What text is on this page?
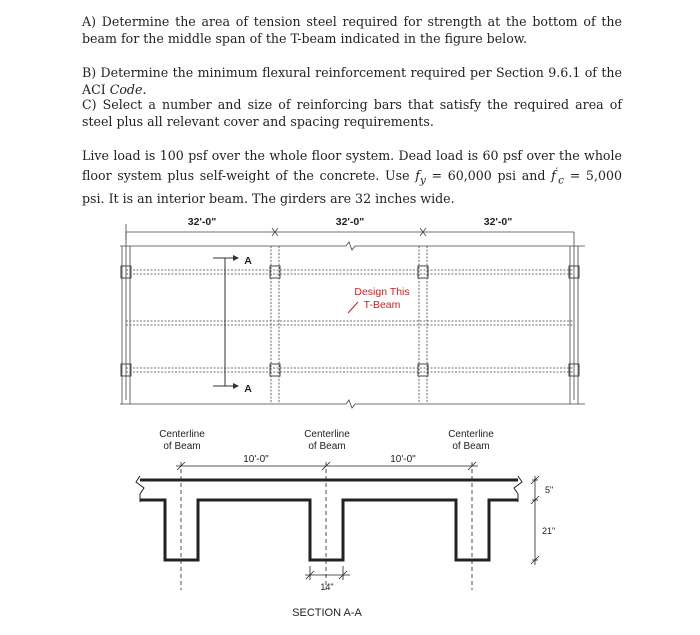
A) Determine the area of tension steel required for strength at the bottom of the beam for the middle span of the T-beam indicated in the figure below.

B) Determine the minimum flexural reinforcement required per Section 9.6.1 of the ACI Code.

C) Select a number and size of reinforcing bars that satisfy the required area of steel plus all relevant cover and spacing requirements.

Live load is 100 psf over the whole floor system. Dead load is 60 psf over the whole floor system plus self-weight of the concrete. Use $f_y = 60,000$ psi and $f'_c = 5,000$ psi. It is an interior beam. The girders are 32 inches wide.

32'-0"	32'-0"	32'-0"
A
A
Design This
T-Beam
Centerline
of Beam
Centerline
of Beam
Centerline
of Beam
10'-0"	10'-0"
5"
21"
14"
SECTION A-A
